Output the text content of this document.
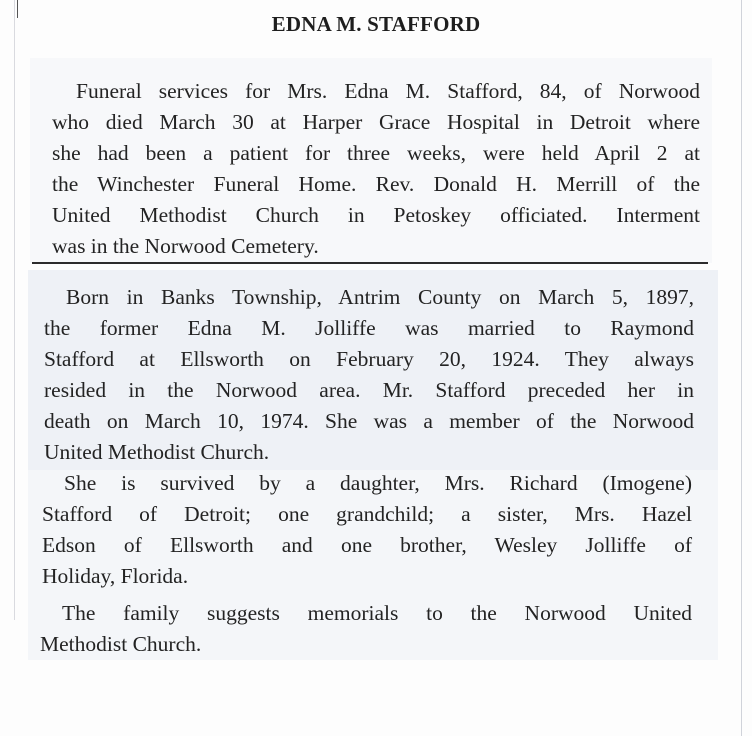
EDNA M. STAFFORD
Funeral services for Mrs. Edna M. Stafford, 84, of Norwood
who died March 30 at Harper Grace Hospital in Detroit where
she had been a patient for three weeks, were held April 2 at
the Winchester Funeral Home. Rev. Donald H. Merrill of the
United Methodist Church in Petoskey officiated. Interment
was in the Norwood Cemetery.
Born in Banks Township, Antrim County on March 5, 1897,
the former Edna M. Jolliffe was married to Raymond
Stafford at Ellsworth on February 20, 1924. They always
resided in the Norwood area. Mr. Stafford preceded her in
death on March 10, 1974. She was a member of the Norwood
United Methodist Church.
She is survived by a daughter, Mrs. Richard (Imogene)
Stafford of Detroit; one grandchild; a sister, Mrs. Hazel
Edson of Ellsworth and one brother, Wesley Jolliffe of
Holiday, Florida.
The family suggests memorials to the Norwood United
Methodist Church.
